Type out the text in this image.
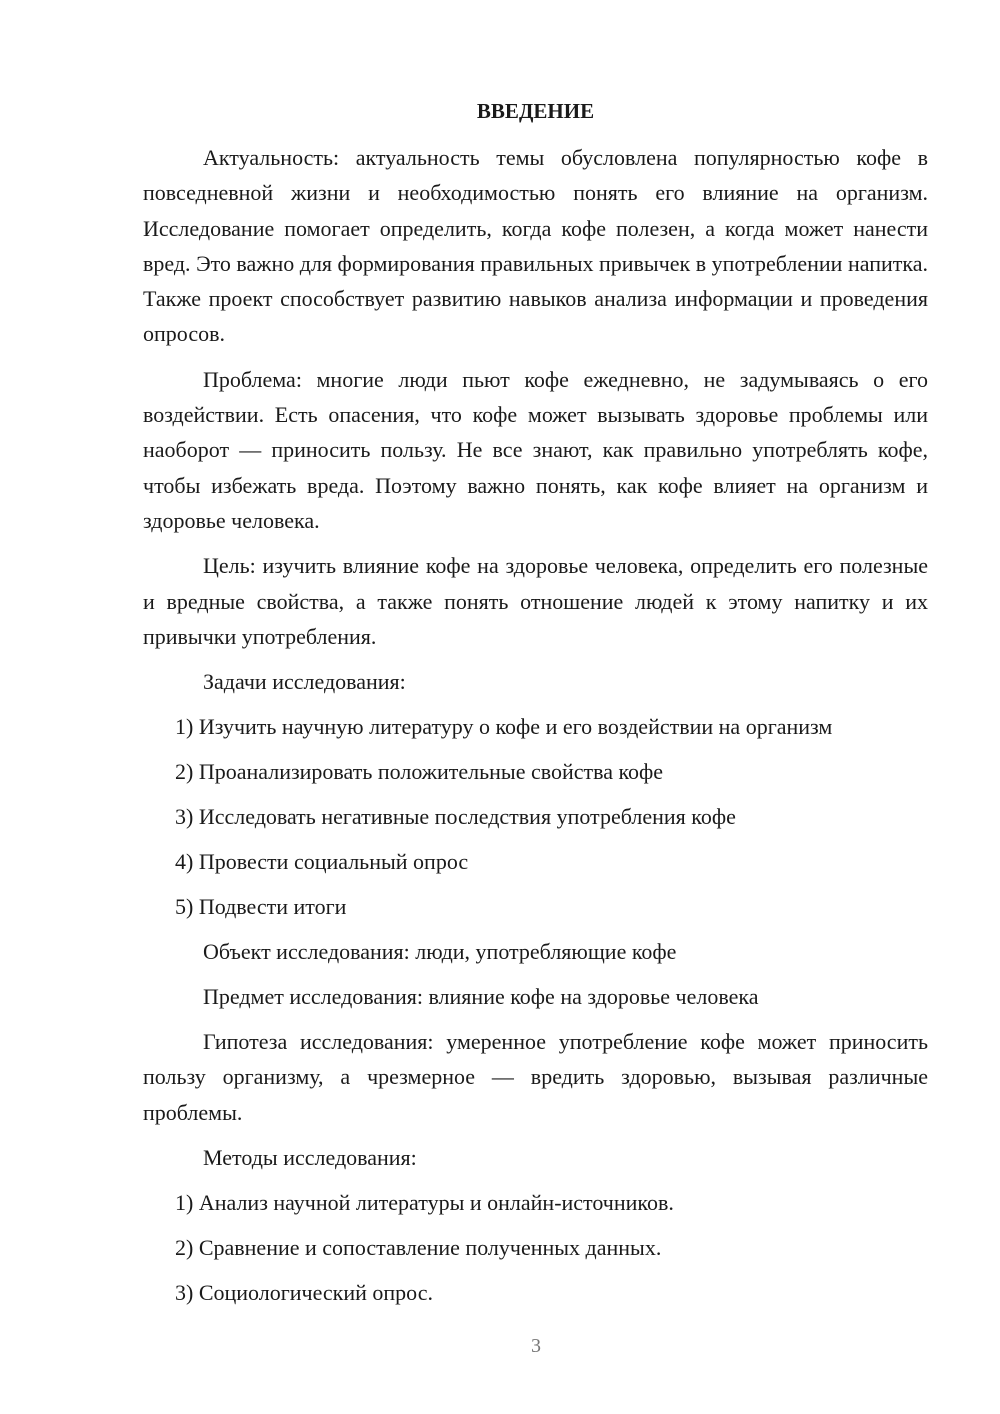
ВВЕДЕНИЕ

Актуальность: актуальность темы обусловлена популярностью кофе в повседневной жизни и необходимостью понять его влияние на организм. Исследование помогает определить, когда кофе полезен, а когда может нанести вред. Это важно для формирования правильных привычек в употреблении напитка. Также проект способствует развитию навыков анализа информации и проведения опросов.

Проблема: многие люди пьют кофе ежедневно, не задумываясь о его воздействии. Есть опасения, что кофе может вызывать здоровье проблемы или наоборот — приносить пользу. Не все знают, как правильно употреблять кофе, чтобы избежать вреда. Поэтому важно понять, как кофе влияет на организм и здоровье человека.

Цель: изучить влияние кофе на здоровье человека, определить его полезные и вредные свойства, а также понять отношение людей к этому напитку и их привычки употребления.

Задачи исследования:
1) Изучить научную литературу о кофе и его воздействии на организм
2) Проанализировать положительные свойства кофе
3) Исследовать негативные последствия употребления кофе
4) Провести социальный опрос
5) Подвести итоги
Объект исследования: люди, употребляющие кофе
Предмет исследования: влияние кофе на здоровье человека

Гипотеза исследования: умеренное употребление кофе может приносить пользу организму, а чрезмерное — вредить здоровью, вызывая различные проблемы.

Методы исследования:
1) Анализ научной литературы и онлайн-источников.
2) Сравнение и сопоставление полученных данных.
3) Социологический опрос.
3
